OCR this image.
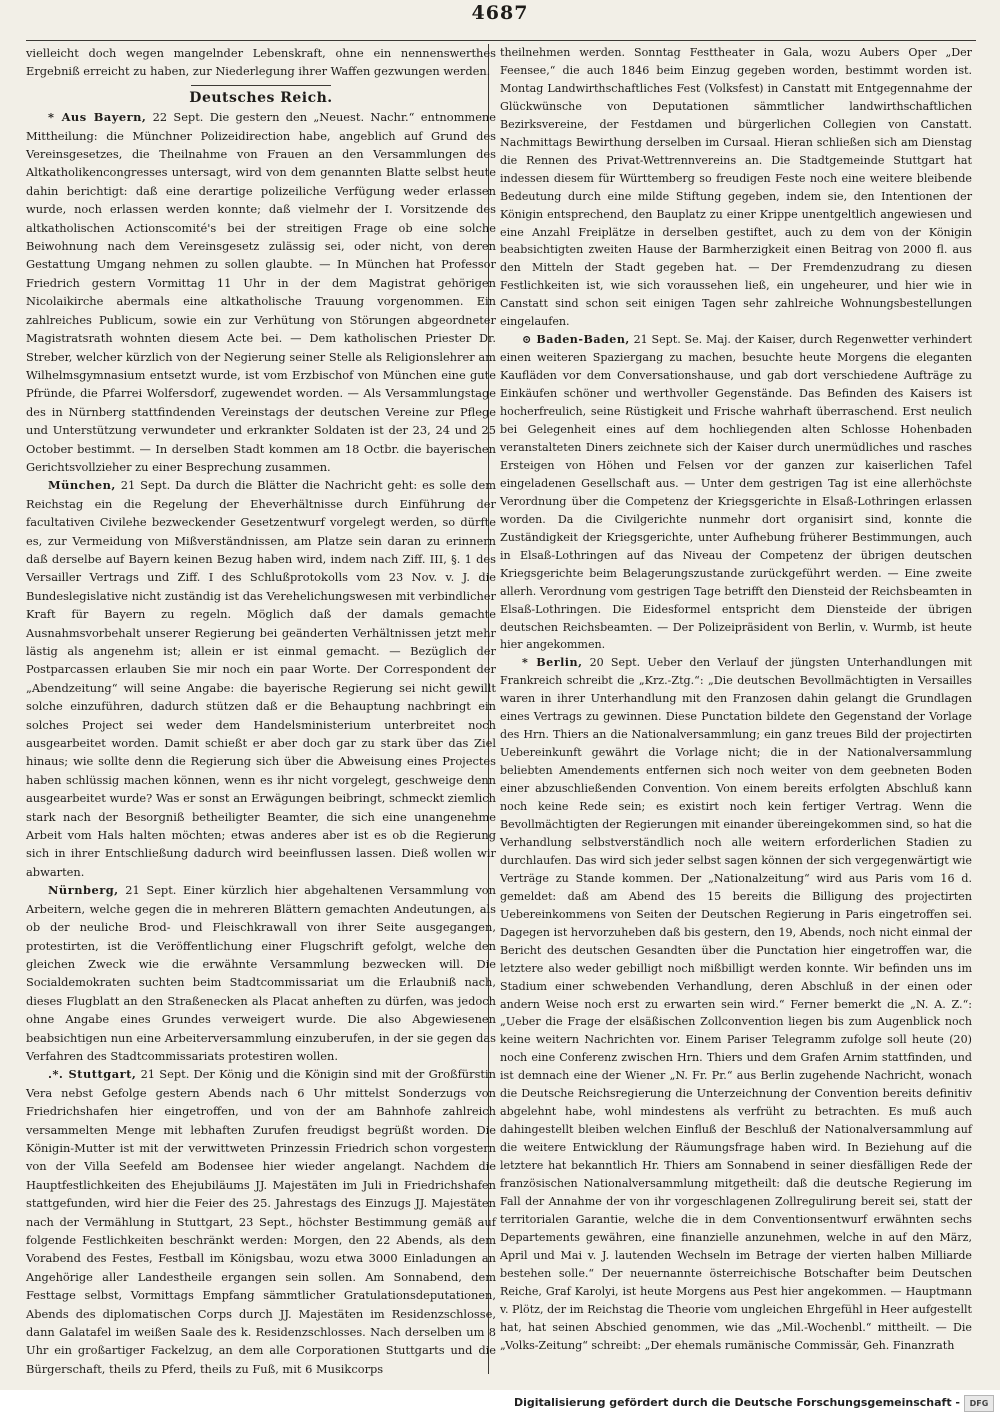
4687

vielleicht doch wegen mangelnder Lebenskraft, ohne ein nennenswerthes Ergebniß erreicht zu haben, zur Niederlegung ihrer Waffen gezwungen werden.

Deutsches Reich.

* Aus Bayern, 22 Sept. Die gestern den „Neuest. Nachr.“ entnommene Mittheilung: die Münchner Polizeidirection habe, angeblich auf Grund des Vereinsgesetzes, die Theilnahme von Frauen an den Versammlungen des Altkatholikencongresses untersagt, wird von dem genannten Blatte selbst heute dahin berichtigt: daß eine derartige polizeiliche Verfügung weder erlassen wurde, noch erlassen werden konnte; daß vielmehr der I. Vorsitzende des altkatholischen Actionscomité's bei der streitigen Frage ob eine solche Beiwohnung nach dem Vereinsgesetz zulässig sei, oder nicht, von deren Gestattung Umgang nehmen zu sollen glaubte. — In München hat Professor Friedrich gestern Vormittag 11 Uhr in der dem Magistrat gehörigen Nicolaikirche abermals eine altkatholische Trauung vorgenommen. Ein zahlreiches Publicum, sowie ein zur Verhütung von Störungen abgeordneter Magistratsrath wohnten diesem Acte bei. — Dem katholischen Priester Dr. Streber, welcher kürzlich von der Negierung seiner Stelle als Religionslehrer am Wilhelmsgymnasium entsetzt wurde, ist vom Erzbischof von München eine gute Pfründe, die Pfarrei Wolfersdorf, zugewendet worden. — Als Versammlungstage des in Nürnberg stattfindenden Vereinstags der deutschen Vereine zur Pflege und Unterstützung verwundeter und erkrankter Soldaten ist der 23, 24 und 25 October bestimmt. — In derselben Stadt kommen am 18 Octbr. die bayerischen Gerichtsvollzieher zu einer Besprechung zusammen.

München, 21 Sept. Da durch die Blätter die Nachricht geht: es solle dem Reichstag ein die Regelung der Eheverhältnisse durch Einführung der facultativen Civilehe bezweckender Gesetzentwurf vorgelegt werden, so dürfte es, zur Vermeidung von Mißverständnissen, am Platze sein daran zu erinnern daß derselbe auf Bayern keinen Bezug haben wird, indem nach Ziff. III, §. 1 des Versailler Vertrags und Ziff. I des Schlußprotokolls vom 23 Nov. v. J. die Bundeslegislative nicht zuständig ist das Verehelichungswesen mit verbindlicher Kraft für Bayern zu regeln. Möglich daß der damals gemachte Ausnahmsvorbehalt unserer Regierung bei geänderten Verhältnissen jetzt mehr lästig als angenehm ist; allein er ist einmal gemacht. — Bezüglich der Postparcassen erlauben Sie mir noch ein paar Worte. Der Correspondent der „Abendzeitung“ will seine Angabe: die bayerische Regierung sei nicht gewillt solche einzuführen, dadurch stützen daß er die Behauptung nachbringt ein solches Project sei weder dem Handelsministerium unterbreitet noch ausgearbeitet worden. Damit schießt er aber doch gar zu stark über das Ziel hinaus; wie sollte denn die Regierung sich über die Abweisung eines Projectes haben schlüssig machen können, wenn es ihr nicht vorgelegt, geschweige denn ausgearbeitet wurde? Was er sonst an Erwägungen beibringt, schmeckt ziemlich stark nach der Besorgniß betheiligter Beamter, die sich eine unangenehme Arbeit vom Hals halten möchten; etwas anderes aber ist es ob die Regierung sich in ihrer Entschließung dadurch wird beeinflussen lassen. Dieß wollen wir abwarten.

Nürnberg, 21 Sept. Einer kürzlich hier abgehaltenen Versammlung von Arbeitern, welche gegen die in mehreren Blättern gemachten Andeutungen, als ob der neuliche Brod- und Fleischkrawall von ihrer Seite ausgegangen, protestirten, ist die Veröffentlichung einer Flugschrift gefolgt, welche den gleichen Zweck wie die erwähnte Versammlung bezwecken will. Die Socialdemokraten suchten beim Stadtcommissariat um die Erlaubniß nach, dieses Flugblatt an den Straßenecken als Placat anheften zu dürfen, was jedoch ohne Angabe eines Grundes verweigert wurde. Die also Abgewiesenen beabsichtigen nun eine Arbeiterversammlung einzuberufen, in der sie gegen das Verfahren des Stadtcommissariats protestiren wollen.

.*. Stuttgart, 21 Sept. Der König und die Königin sind mit der Großfürstin Vera nebst Gefolge gestern Abends nach 6 Uhr mittelst Sonderzugs von Friedrichshafen hier eingetroffen, und von der am Bahnhofe zahlreich versammelten Menge mit lebhaften Zurufen freudigst begrüßt worden. Die Königin-Mutter ist mit der verwittweten Prinzessin Friedrich schon vorgestern von der Villa Seefeld am Bodensee hier wieder angelangt. Nachdem die Hauptfestlichkeiten des Ehejubiläums JJ. Majestäten im Juli in Friedrichshafen stattgefunden, wird hier die Feier des 25. Jahrestags des Einzugs JJ. Majestäten nach der Vermählung in Stuttgart, 23 Sept., höchster Bestimmung gemäß auf folgende Festlichkeiten beschränkt werden: Morgen, den 22 Abends, als dem Vorabend des Festes, Festball im Königsbau, wozu etwa 3000 Einladungen an Angehörige aller Landestheile ergangen sein sollen. Am Sonnabend, dem Festtage selbst, Vormittags Empfang sämmtlicher Gratulationsdeputationen, Abends des diplomatischen Corps durch JJ. Majestäten im Residenzschlosse, dann Galatafel im weißen Saale des k. Residenzschlosses. Nach derselben um 8 Uhr ein großartiger Fackelzug, an dem alle Corporationen Stuttgarts und die Bürgerschaft, theils zu Pferd, theils zu Fuß, mit 6 Musikcorps

theilnehmen werden. Sonntag Festtheater in Gala, wozu Aubers Oper „Der Feensee,“ die auch 1846 beim Einzug gegeben worden, bestimmt worden ist. Montag Landwirthschaftliches Fest (Volksfest) in Canstatt mit Entgegennahme der Glückwünsche von Deputationen sämmtlicher landwirthschaftlichen Bezirksvereine, der Festdamen und bürgerlichen Collegien von Canstatt. Nachmittags Bewirthung derselben im Cursaal. Hieran schließen sich am Dienstag die Rennen des Privat-Wettrennvereins an. Die Stadtgemeinde Stuttgart hat indessen diesem für Württemberg so freudigen Feste noch eine weitere bleibende Bedeutung durch eine milde Stiftung gegeben, indem sie, den Intentionen der Königin entsprechend, den Bauplatz zu einer Krippe unentgeltlich angewiesen und eine Anzahl Freiplätze in derselben gestiftet, auch zu dem von der Königin beabsichtigten zweiten Hause der Barmherzigkeit einen Beitrag von 2000 fl. aus den Mitteln der Stadt gegeben hat. — Der Fremdenzudrang zu diesen Festlichkeiten ist, wie sich voraussehen ließ, ein ungeheurer, und hier wie in Canstatt sind schon seit einigen Tagen sehr zahlreiche Wohnungsbestellungen eingelaufen.

⊙ Baden-Baden, 21 Sept. Se. Maj. der Kaiser, durch Regenwetter verhindert einen weiteren Spaziergang zu machen, besuchte heute Morgens die eleganten Kaufläden vor dem Conversationshause, und gab dort verschiedene Aufträge zu Einkäufen schöner und werthvoller Gegenstände. Das Befinden des Kaisers ist hocherfreulich, seine Rüstigkeit und Frische wahrhaft überraschend. Erst neulich bei Gelegenheit eines auf dem hochliegenden alten Schlosse Hohenbaden veranstalteten Diners zeichnete sich der Kaiser durch unermüdliches und rasches Ersteigen von Höhen und Felsen vor der ganzen zur kaiserlichen Tafel eingeladenen Gesellschaft aus. — Unter dem gestrigen Tag ist eine allerhöchste Verordnung über die Competenz der Kriegsgerichte in Elsaß-Lothringen erlassen worden. Da die Civilgerichte nunmehr dort organisirt sind, konnte die Zuständigkeit der Kriegsgerichte, unter Aufhebung früherer Bestimmungen, auch in Elsaß-Lothringen auf das Niveau der Competenz der übrigen deutschen Kriegsgerichte beim Belagerungszustande zurückgeführt werden. — Eine zweite allerh. Verordnung vom gestrigen Tage betrifft den Diensteid der Reichsbeamten in Elsaß-Lothringen. Die Eidesformel entspricht dem Diensteide der übrigen deutschen Reichsbeamten. — Der Polizeipräsident von Berlin, v. Wurmb, ist heute hier angekommen.

* Berlin, 20 Sept. Ueber den Verlauf der jüngsten Unterhandlungen mit Frankreich schreibt die „Krz.-Ztg.“: „Die deutschen Bevollmächtigten in Versailles waren in ihrer Unterhandlung mit den Franzosen dahin gelangt die Grundlagen eines Vertrags zu gewinnen. Diese Punctation bildete den Gegenstand der Vorlage des Hrn. Thiers an die Nationalversammlung; ein ganz treues Bild der projectirten Uebereinkunft gewährt die Vorlage nicht; die in der Nationalversammlung beliebten Amendements entfernen sich noch weiter von dem geebneten Boden einer abzuschließenden Convention. Von einem bereits erfolgten Abschluß kann noch keine Rede sein; es existirt noch kein fertiger Vertrag. Wenn die Bevollmächtigten der Regierungen mit einander übereingekommen sind, so hat die Verhandlung selbstverständlich noch alle weitern erforderlichen Stadien zu durchlaufen. Das wird sich jeder selbst sagen können der sich vergegenwärtigt wie Verträge zu Stande kommen. Der „Nationalzeitung“ wird aus Paris vom 16 d. gemeldet: daß am Abend des 15 bereits die Billigung des projectirten Uebereinkommens von Seiten der Deutschen Regierung in Paris eingetroffen sei. Dagegen ist hervorzuheben daß bis gestern, den 19, Abends, noch nicht einmal der Bericht des deutschen Gesandten über die Punctation hier eingetroffen war, die letztere also weder gebilligt noch mißbilligt werden konnte. Wir befinden uns im Stadium einer schwebenden Verhandlung, deren Abschluß in der einen oder andern Weise noch erst zu erwarten sein wird.“ Ferner bemerkt die „N. A. Z.“: „Ueber die Frage der elsäßischen Zollconvention liegen bis zum Augenblick noch keine weitern Nachrichten vor. Einem Pariser Telegramm zufolge soll heute (20) noch eine Conferenz zwischen Hrn. Thiers und dem Grafen Arnim stattfinden, und ist demnach eine der Wiener „N. Fr. Pr.“ aus Berlin zugehende Nachricht, wonach die Deutsche Reichsregierung die Unterzeichnung der Convention bereits definitiv abgelehnt habe, wohl mindestens als verfrüht zu betrachten. Es muß auch dahingestellt bleiben welchen Einfluß der Beschluß der Nationalversammlung auf die weitere Entwicklung der Räumungsfrage haben wird. In Beziehung auf die letztere hat bekanntlich Hr. Thiers am Sonnabend in seiner diesfälligen Rede der französischen Nationalversammlung mitgetheilt: daß die deutsche Regierung im Fall der Annahme der von ihr vorgeschlagenen Zollregulirung bereit sei, statt der territorialen Garantie, welche die in dem Conventionsentwurf erwähnten sechs Departements gewähren, eine finanzielle anzunehmen, welche in auf den März, April und Mai v. J. lautenden Wechseln im Betrage der vierten halben Milliarde bestehen solle.“ Der neuernannte österreichische Botschafter beim Deutschen Reiche, Graf Karolyi, ist heute Morgens aus Pest hier angekommen. — Hauptmann v. Plötz, der im Reichstag die Theorie vom ungleichen Ehrgefühl in Heer aufgestellt hat, hat seinen Abschied genommen, wie das „Mil.-Wochenbl.“ mittheilt. — Die „Volks-Zeitung“ schreibt: „Der ehemals rumänische Commissär, Geh. Finanzrath

Digitalisierung gefördert durch die Deutsche Forschungsgemeinschaft -	DFG
